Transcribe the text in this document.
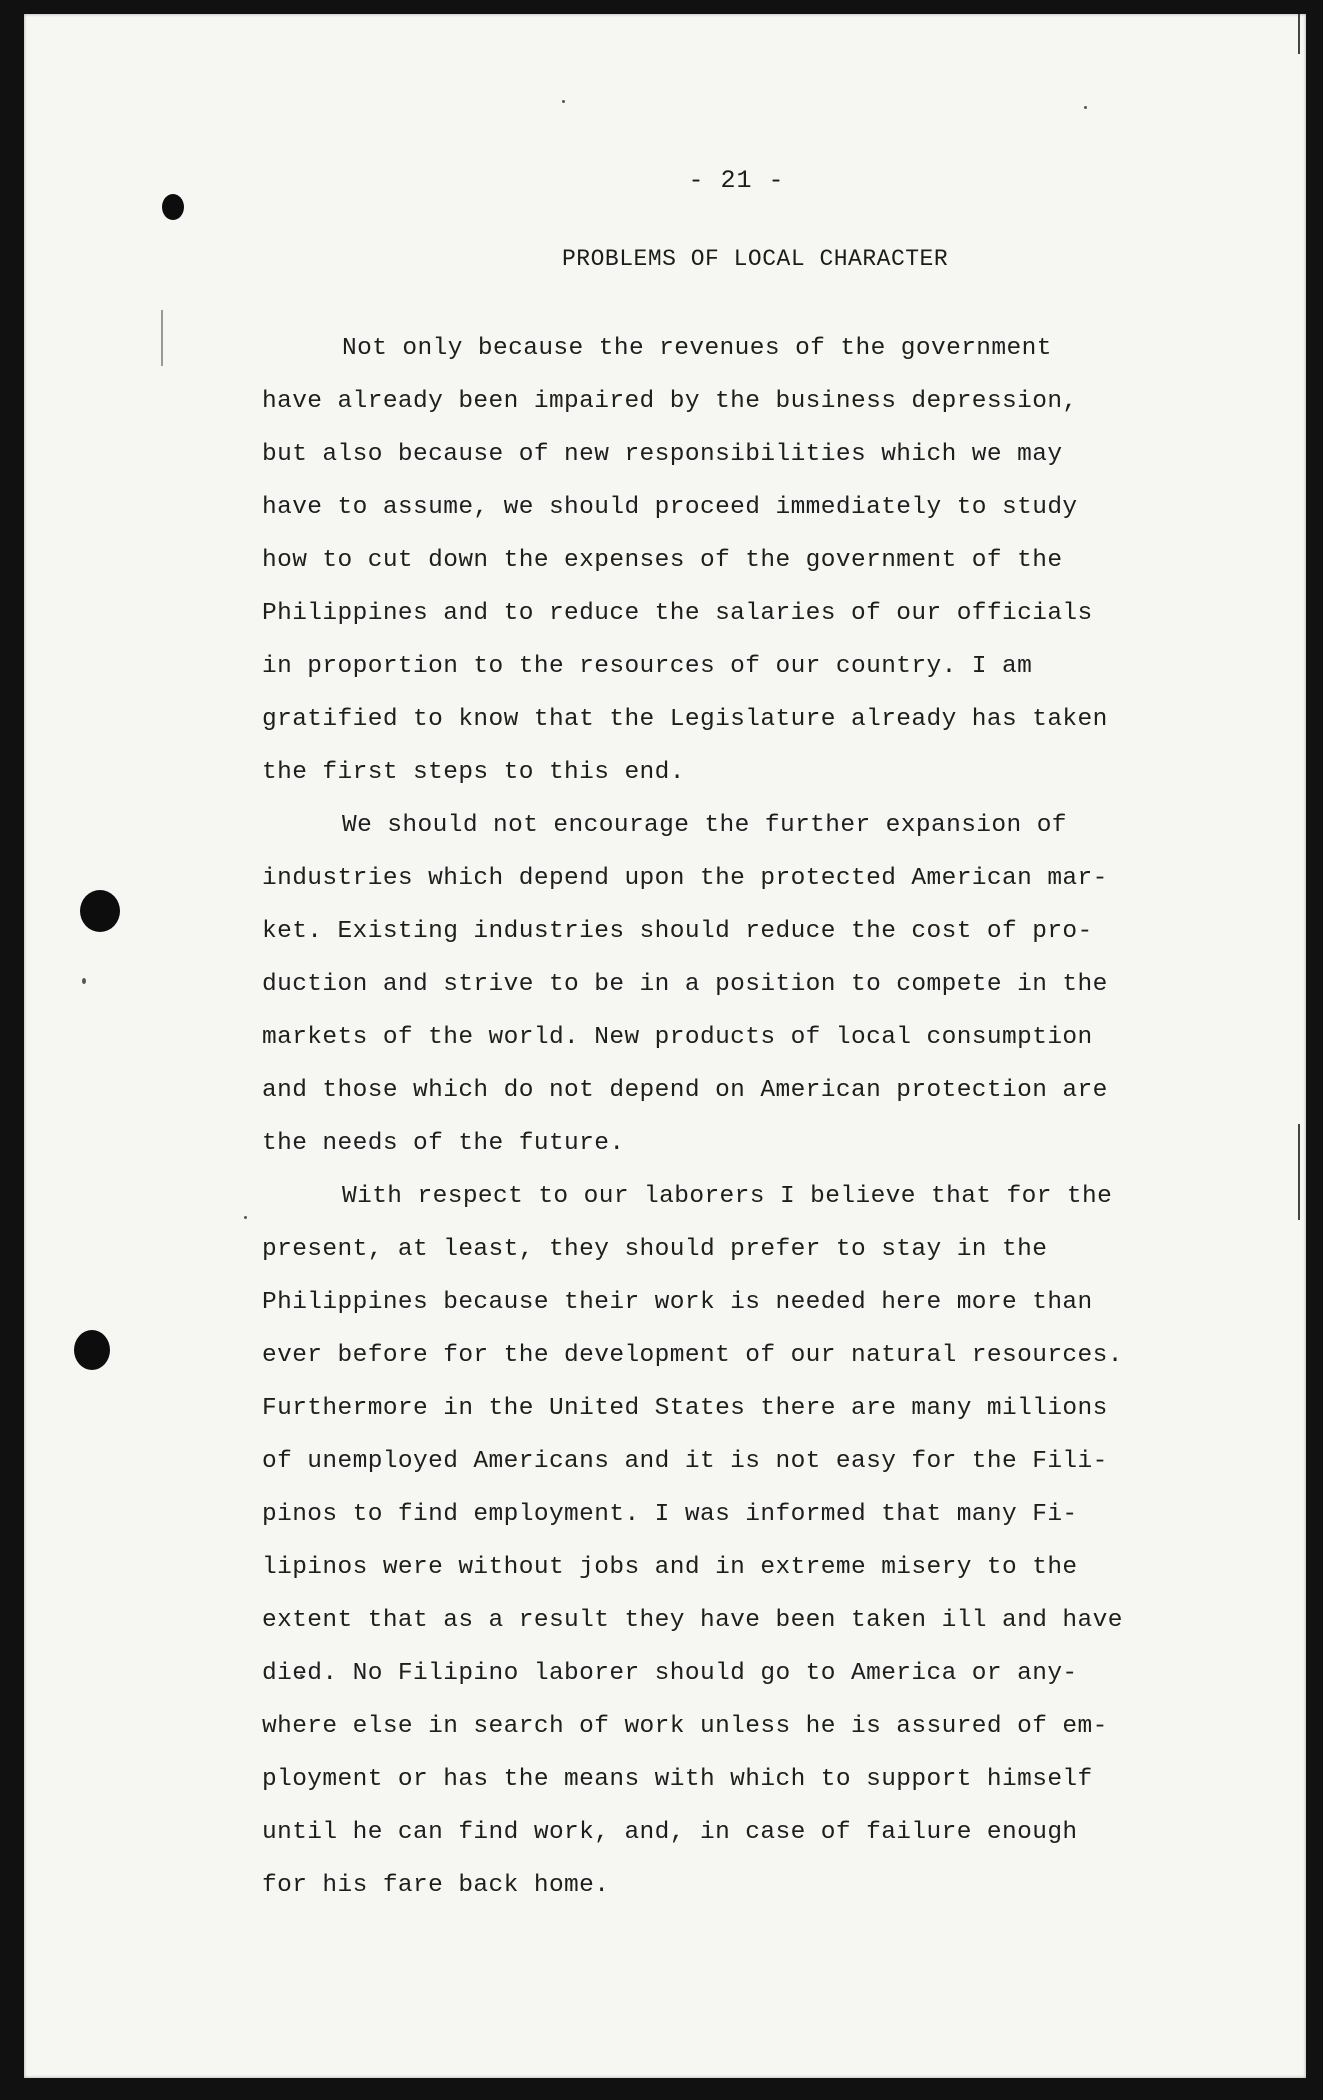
- 21 -
PROBLEMS OF LOCAL CHARACTER
Not only because the revenues of the government
have already been impaired by the business depression,
but also because of new responsibilities which we may
have to assume, we should proceed immediately to study
how to cut down the expenses of the government of the
Philippines and to reduce the salaries of our officials
in proportion to the resources of our country. I am
gratified to know that the Legislature already has taken
the first steps to this end.
We should not encourage the further expansion of
industries which depend upon the protected American mar-
ket. Existing industries should reduce the cost of pro-
duction and strive to be in a position to compete in the
markets of the world. New products of local consumption
and those which do not depend on American protection are
the needs of the future.
With respect to our laborers I believe that for the
present, at least, they should prefer to stay in the
Philippines because their work is needed here more than
ever before for the development of our natural resources.
Furthermore in the United States there are many millions
of unemployed Americans and it is not easy for the Fili-
pinos to find employment. I was informed that many Fi-
lipinos were without jobs and in extreme misery to the
extent that as a result they have been taken ill and have
died. No Filipino laborer should go to America or any-
where else in search of work unless he is assured of em-
ployment or has the means with which to support himself
until he can find work, and, in case of failure enough
for his fare back home.
